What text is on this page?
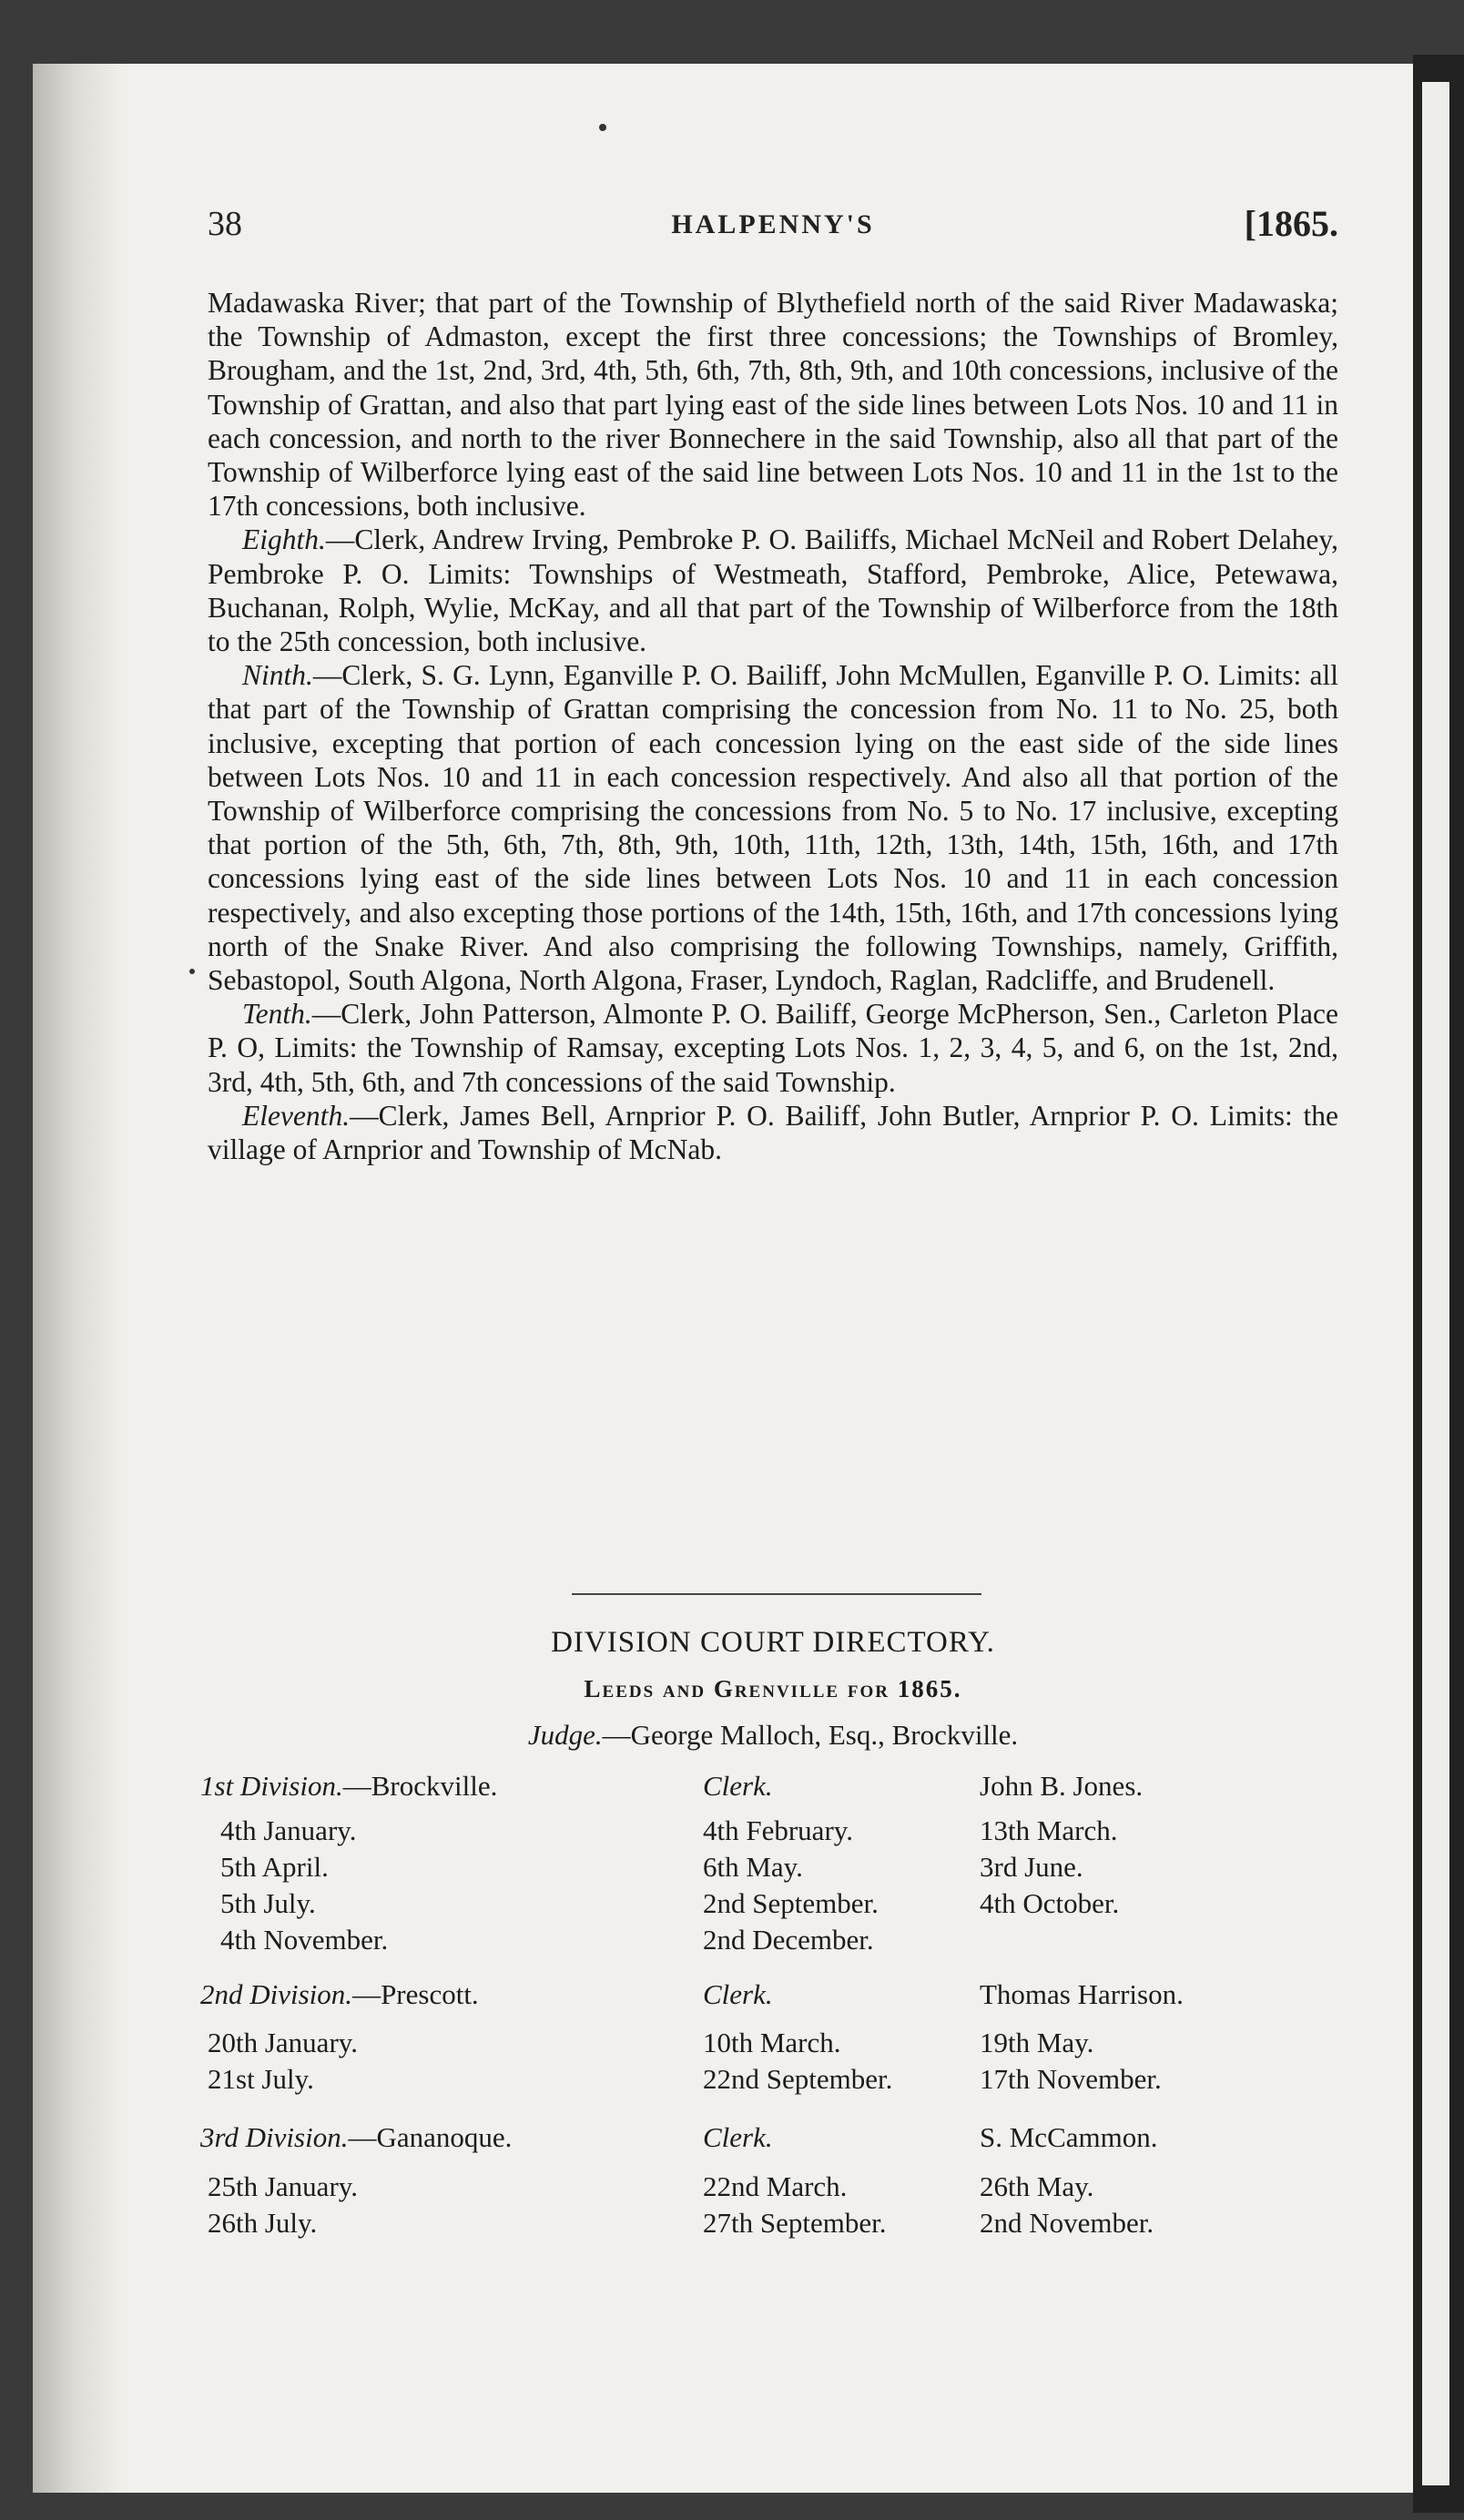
38	HALPENNY'S	[1865.

Madawaska River; that part of the Township of Blythefield north of the said River Madawaska; the Township of Admaston, except the first three concessions; the Townships of Bromley, Brougham, and the 1st, 2nd, 3rd, 4th, 5th, 6th, 7th, 8th, 9th, and 10th concessions, inclusive of the Township of Grattan, and also that part lying east of the side lines between Lots Nos. 10 and 11 in each concession, and north to the river Bonnechere in the said Township, also all that part of the Township of Wilberforce lying east of the said line between Lots Nos. 10 and 11 in the 1st to the 17th concessions, both inclusive.

Eighth.—Clerk, Andrew Irving, Pembroke P. O. Bailiffs, Michael McNeil and Robert Delahey, Pembroke P. O. Limits: Townships of Westmeath, Stafford, Pembroke, Alice, Petewawa, Buchanan, Rolph, Wylie, McKay, and all that part of the Township of Wilberforce from the 18th to the 25th concession, both inclusive.

Ninth.—Clerk, S. G. Lynn, Eganville P. O. Bailiff, John McMullen, Eganville P. O. Limits: all that part of the Township of Grattan comprising the concession from No. 11 to No. 25, both inclusive, excepting that portion of each concession lying on the east side of the side lines between Lots Nos. 10 and 11 in each concession respectively. And also all that portion of the Township of Wilberforce comprising the concessions from No. 5 to No. 17 inclusive, excepting that portion of the 5th, 6th, 7th, 8th, 9th, 10th, 11th, 12th, 13th, 14th, 15th, 16th, and 17th concessions lying east of the side lines between Lots Nos. 10 and 11 in each concession respectively, and also excepting those portions of the 14th, 15th, 16th, and 17th concessions lying north of the Snake River. And also comprising the following Townships, namely, Griffith, Sebastopol, South Algona, North Algona, Fraser, Lyndoch, Raglan, Radcliffe, and Brudenell.

Tenth.—Clerk, John Patterson, Almonte P. O. Bailiff, George McPherson, Sen., Carleton Place P. O, Limits: the Township of Ramsay, excepting Lots Nos. 1, 2, 3, 4, 5, and 6, on the 1st, 2nd, 3rd, 4th, 5th, 6th, and 7th concessions of the said Township.

Eleventh.—Clerk, James Bell, Arnprior P. O. Bailiff, John Butler, Arnprior P. O. Limits: the village of Arnprior and Township of McNab.

DIVISION COURT DIRECTORY.
Leeds and Grenville for 1865.
Judge.—George Malloch, Esq., Brockville.
1st Division.—Brockville.	Clerk.	John B. Jones.
4th January.	4th February.	13th March.
5th April.	6th May.	3rd June.
5th July.	2nd September.	4th October.
4th November.	2nd December.
2nd Division.—Prescott.	Clerk.	Thomas Harrison.
20th January.	10th March.	19th May.
21st July.	22nd September.	17th November.
3rd Division.—Gananoque.	Clerk.	S. McCammon.
25th January.	22nd March.	26th May.
26th July.	27th September.	2nd November.
